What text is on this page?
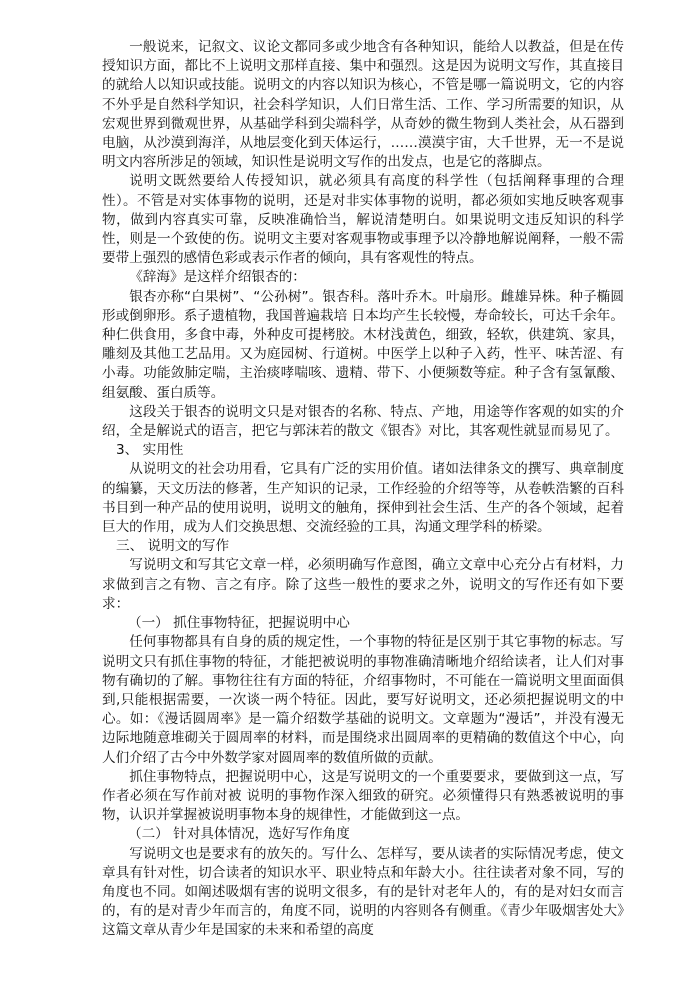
一般说来，记叙文、议论文都同多或少地含有各种知识，能给人以教益，但是在传授知识方面，都比不上说明文那样直接、集中和强烈。这是因为说明文写作，其直接目的就给人以知识或技能。说明文的内容以知识为核心，不管是哪一篇说明文，它的内容不外乎是自然科学知识，社会科学知识，人们日常生活、工作、学习所需要的知识，从宏观世界到微观世界，从基础学科到尖端科学，从奇妙的微生物到人类社会，从石器到电脑，从沙漠到海洋，从地层变化到天体运行，……漠漠宇宙，大千世界，无一不是说明文内容所涉足的领域，知识性是说明文写作的出发点，也是它的落脚点。

说明文既然要给人传授知识，就必须具有高度的科学性（包括阐释事理的合理性）。不管是对实体事物的说明，还是对非实体事物的说明，都必须如实地反映客观事物，做到内容真实可靠，反映准确恰当，解说清楚明白。如果说明文违反知识的科学性，则是一个致使的伤。说明文主要对客观事物或事理予以冷静地解说阐释，一般不需要带上强烈的感情色彩或表示作者的倾向，具有客观性的特点。

《辞海》是这样介绍银杏的：

银杏亦称“白果树”、“公孙树”。银杏科。落叶乔木。叶扇形。雌雄异株。种子椭圆形或倒卵形。系子遗植物，我国普遍栽培 日本均产生长较慢，寿命较长，可达千余年。种仁供食用，多食中毒，外种皮可提栲胶。木材浅黄色，细致，轻软，供建筑、家具，雕刻及其他工艺品用。又为庭园树、行道树。中医学上以种子入药，性平、味苦涩、有小毒。功能敛肺定喘，主治痰哮喘咳、遗精、带下、小便频数等症。种子含有氢氰酸、组氨酸、蛋白质等。

这段关于银杏的说明文只是对银杏的名称、特点、产地，用途等作客观的如实的介绍，全是解说式的语言，把它与郭沫若的散文《银杏》对比，其客观性就显而易见了。

3、 实用性

从说明文的社会功用看，它具有广泛的实用价值。诸如法律条文的撰写、典章制度的编纂，天文历法的修著，生产知识的记录，工作经验的介绍等等，从卷帙浩繁的百科书目到一种产品的使用说明，说明文的触角，探伸到社会生活、生产的各个领域，起着巨大的作用，成为人们交换思想、交流经验的工具，沟通文理学科的桥梁。

三、 说明文的写作

写说明文和写其它文章一样，必须明确写作意图，确立文章中心充分占有材料，力求做到言之有物、言之有序。除了这些一般性的要求之外，说明文的写作还有如下要求：

（一） 抓住事物特征，把握说明中心

任何事物都具有自身的质的规定性，一个事物的特征是区别于其它事物的标志。写说明文只有抓住事物的特征，才能把被说明的事物准确清晰地介绍给读者，让人们对事物有确切的了解。事物往往有方面的特征，介绍事物时，不可能在一篇说明文里面面俱到,只能根据需要，一次谈一两个特征。因此，要写好说明文，还必须把握说明文的中心。如：《漫话圆周率》是一篇介绍数学基础的说明文。文章题为“漫话”，并没有漫无边际地随意堆砌关于圆周率的材料，而是围绕求出圆周率的更精确的数值这个中心，向人们介绍了古今中外数学家对圆周率的数值所做的贡献。

抓住事物特点，把握说明中心，这是写说明文的一个重要要求，要做到这一点，写作者必须在写作前对被 说明的事物作深入细致的研究。必须懂得只有熟悉被说明的事物，认识并掌握被说明事物本身的规律性，才能做到这一点。

（二） 针对具体情况，选好写作角度

写说明文也是要求有的放矢的。写什么、怎样写，要从读者的实际情况考虑，使文章具有针对性，切合读者的知识水平、职业特点和年龄大小。往往读者对象不同，写的角度也不同。如阐述吸烟有害的说明文很多，有的是针对老年人的，有的是对妇女而言的，有的是对青少年而言的，角度不同，说明的内容则各有侧重。《青少年吸烟害处大》这篇文章从青少年是国家的未来和希望的高度
